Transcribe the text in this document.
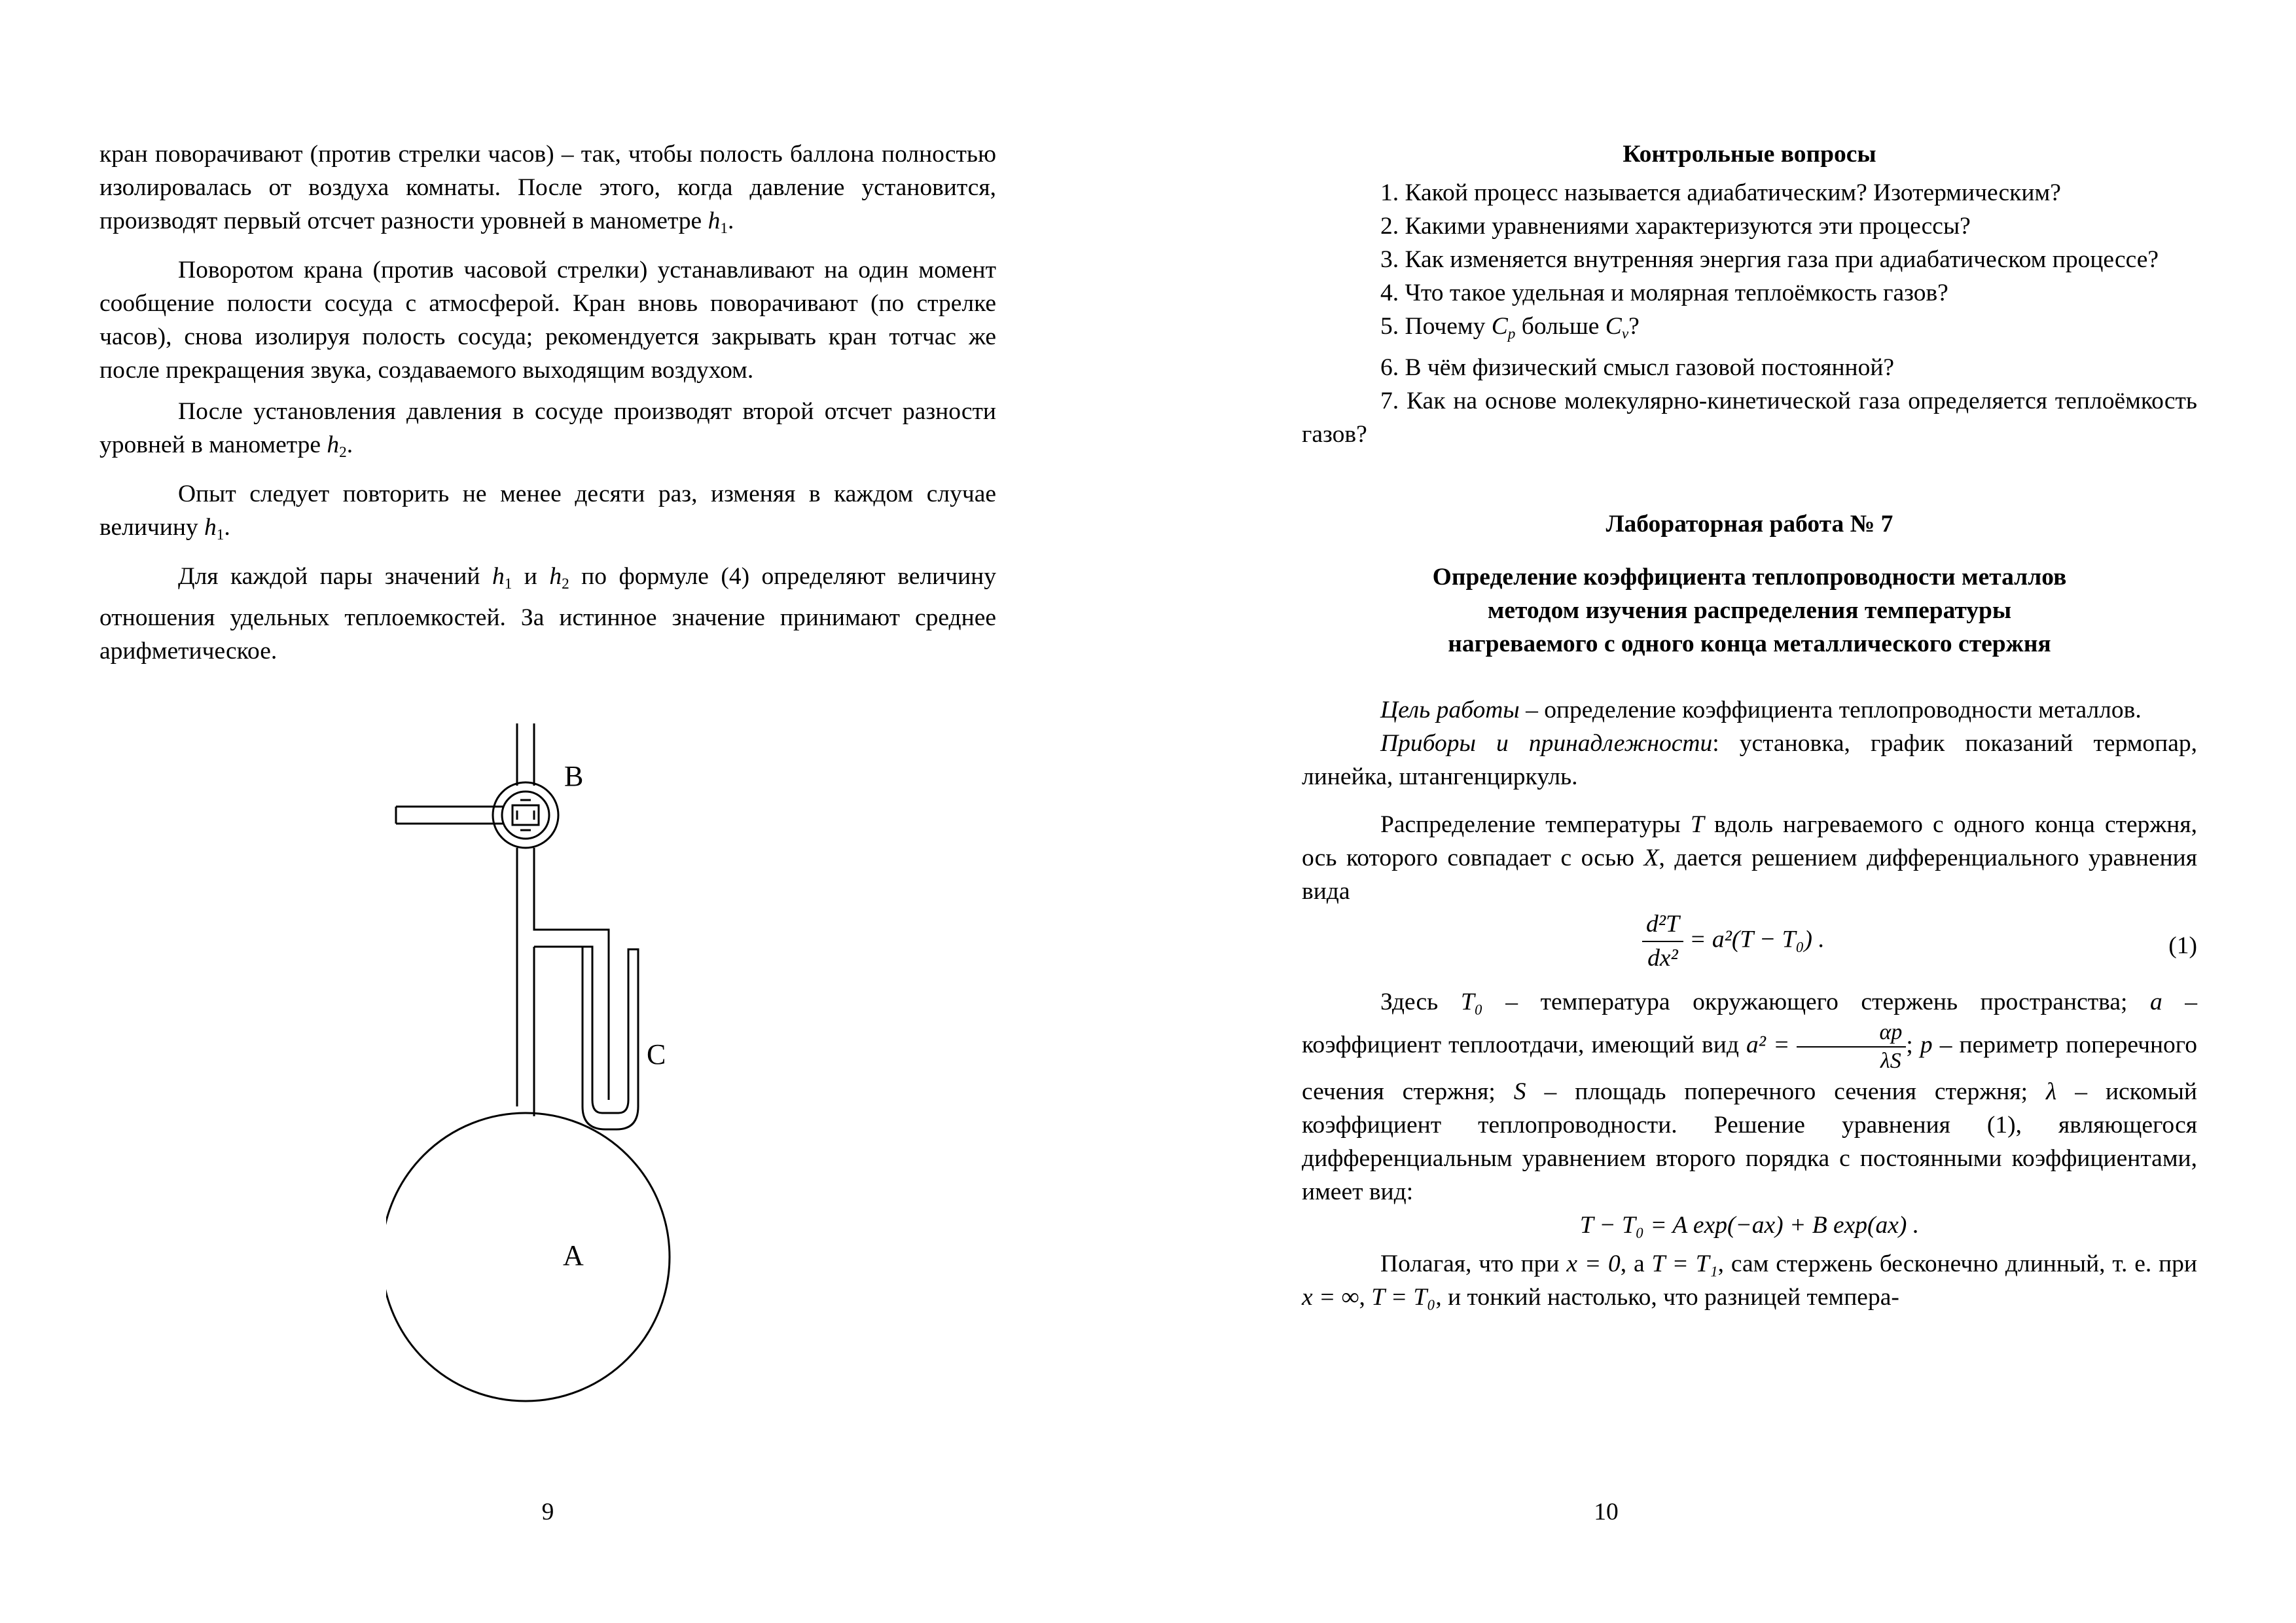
кран поворачивают (против стрелки часов) – так, чтобы полость баллона полностью изолировалась от воздуха комнаты. После этого, когда давление установится, производят первый отсчет разности уровней в манометре $h_1$.

Поворотом крана (против часовой стрелки) устанавливают на один момент сообщение полости сосуда с атмосферой. Кран вновь поворачивают (по стрелке часов), снова изолируя полость сосуда; рекомендуется закрывать кран тотчас же после прекращения звука, создаваемого выходящим воздухом.

После установления давления в сосуде производят второй отсчет разности уровней в манометре $h_2$.

Опыт следует повторить не менее десяти раз, изменяя в каждом случае величину $h_1$.

Для каждой пары значений $h_1$ и $h_2$ по формуле (4) определяют величину отношения удельных теплоемкостей. За истинное значение принимают среднее арифметическое.

B
C
A
9

Контрольные вопросы

1. Какой процесс называется адиабатическим? Изотермическим?

2. Какими уравнениями характеризуются эти процессы?

3. Как изменяется внутренняя энергия газа при адиабатическом процессе?

4. Что такое удельная и молярная теплоёмкость газов?

5. Почему $C_p$ больше $C_v$?

6. В чём физический смысл газовой постоянной?

7. Как на основе молекулярно-кинетической газа определяется теплоёмкость газов?

Лабораторная работа № 7

Определение коэффициента теплопроводности металлов

методом изучения распределения температуры

нагреваемого с одного конца металлического стержня

Цель работы – определение коэффициента теплопроводности металлов.

Приборы и принадлежности: установка, график показаний термопар, линейка, штангенциркуль.

Распределение температуры T вдоль нагреваемого с одного конца стержня, ось которого совпадает с осью X, дается решением дифференциального уравнения вида

$\frac{\text{d²T}}{\text{dx²}} = a^2(T - T_0)$ .	(1)

Здесь T₀ – температура окружающего стержень пространства; a – коэффициент теплоотдачи, имеющий вид $a^2 = \frac{\alpha p}{\lambda S}$ ; p – периметр поперечного сечения стержня; S – площадь поперечного сечения стержня; λ – искомый коэффициент теплопроводности. Решение уравнения (1), являющегося дифференциальным уравнением второго порядка с постоянными коэффициентами, имеет вид:

T − T₀ = A exp(−ax) + B exp(ax) .

Полагая, что при x = 0, а T = T₁, сам стержень бесконечно длинный, т. е. при x = ∞, T = T₀, и тонкий настолько, что разницей темпера-

10
